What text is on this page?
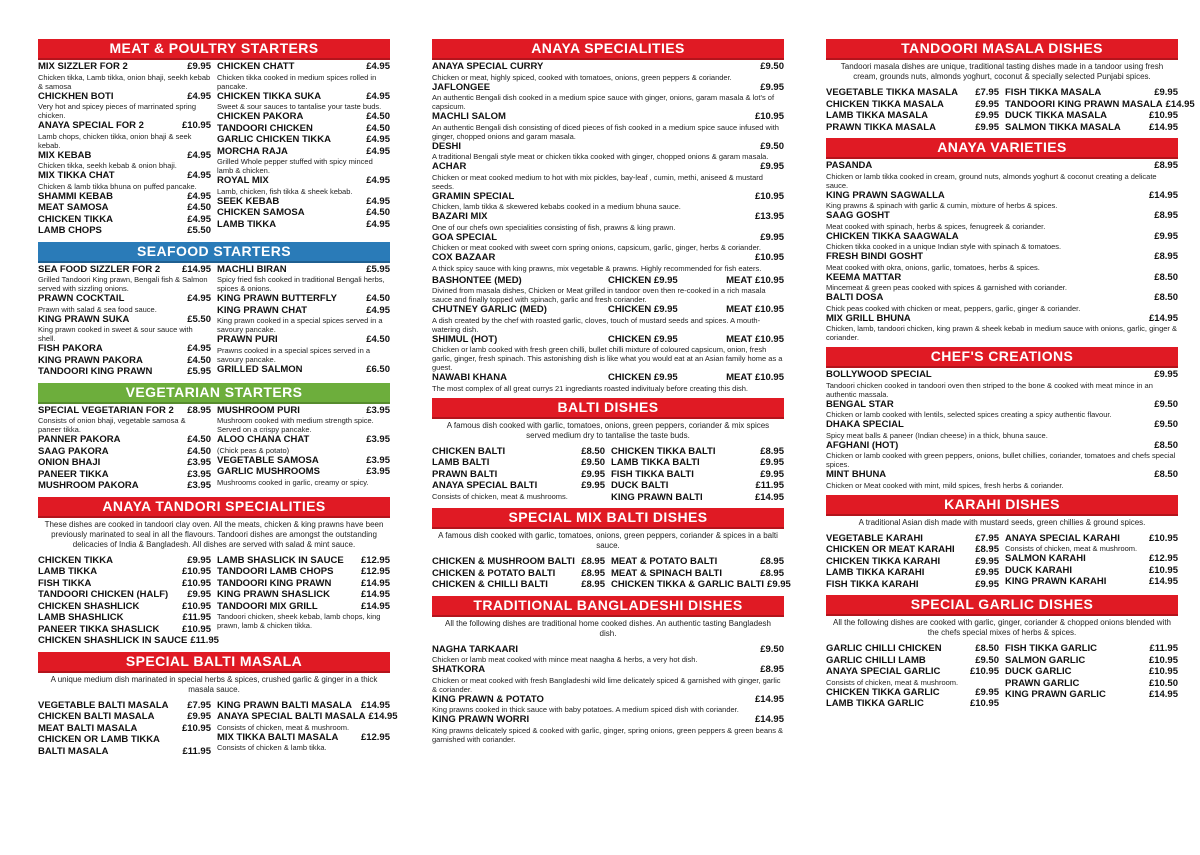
MEAT & POULTRY STARTERS
MIX SIZZLER FOR 2	£9.95
Chicken tikka, Lamb tikka, onion bhaji, seekh kebab & samosa
CHICKHEN BOTI	£4.95
Very hot and spicey pieces of marrinated spring chicken.
ANAYA SPECIAL FOR 2	£10.95
Lamb chops, chicken tikka, onion bhaji & seek kebab.
MIX KEBAB	£4.95
Chicken tikka, seekh kebab & onion bhaji.
MIX TIKKA CHAT	£4.95
Chicken & lamb tikka bhuna on puffed pancake.
SHAMMI KEBAB	£4.95
MEAT SAMOSA	£4.50
CHICKEN TIKKA	£4.95
LAMB CHOPS	£5.50
CHICKEN CHATT	£4.95
Chicken tikka cooked in medium spices rolled in pancake.
CHICKEN TIKKA SUKA	£4.95
Sweet & sour sauces to tantalise your taste buds.
CHICKEN PAKORA	£4.50
TANDOORI CHICKEN	£4.50
GARLIC CHICKEN TIKKA	£4.95
MORCHA RAJA	£4.95
Grilled Whole pepper stuffed with spicy minced lamb & chicken.
ROYAL MIX	£4.95
Lamb, chicken, fish tikka & sheek kebab.
SEEK KEBAB	£4.95
CHICKEN SAMOSA	£4.50
LAMB TIKKA	£4.95
SEAFOOD STARTERS
SEA FOOD SIZZLER FOR 2	£14.95
Grilled Tandoori King prawn, Bengali fish & Salmon served with sizzling onions.
PRAWN COCKTAIL	£4.95
Prawn with salad & sea food sauce.
KING PRAWN SUKA	£5.50
King prawn cooked in sweet & sour sauce with shell.
FISH PAKORA	£4.95
KING PRAWN PAKORA	£4.50
TANDOORI KING PRAWN	£5.95
MACHLI BIRAN	£5.95
Spicy fried fish cooked in traditional Bengali herbs, spices & onions.
KING PRAWN BUTTERFLY	£4.50
KING PRAWN CHAT	£4.95
King prawn cooked in a special spices served in a savoury pancake.
PRAWN PURI	£4.50
Prawns cooked in a special spices served in a savoury pancake.
GRILLED SALMON	£6.50
VEGETARIAN STARTERS
SPECIAL VEGETARIAN FOR 2	£8.95
Consists of onion bhaji, vegetable samosa & paneer tikka.
PANNER PAKORA	£4.50
SAAG PAKORA	£4.50
ONION BHAJI	£3.95
PANEER TIKKA	£3.95
MUSHROOM PAKORA	£3.95
MUSHROOM PURI	£3.95
Mushroom cooked with medium strength spice. Served on a crispy pancake.
ALOO CHANA CHAT	£3.95
(Chick peas & potato)
VEGETABLE SAMOSA	£3.95
GARLIC MUSHROOMS	£3.95
Mushrooms cooked in garlic, creamy or spicy.
ANAYA TANDORI SPECIALITIES
These dishes are cooked in tandoori clay oven. All the meats, chicken & king prawns have been previously marinated to seal in all the flavours. Tandoori dishes are amongst the outstanding delicacies of India & Bangladesh. All dishes are served with salad & mint sauce.
CHICKEN TIKKA	£9.95
LAMB TIKKA	£10.95
FISH TIKKA	£10.95
TANDOORI CHICKEN (HALF)	£9.95
CHICKEN SHASHLICK	£10.95
LAMB SHASHLICK	£11.95
PANEER TIKKA SHASLICK	£10.95
CHICKEN SHASHLICK IN SAUCE £11.95
LAMB SHASLICK IN SAUCE	£12.95
TANDOORI LAMB CHOPS	£12.95
TANDOORI KING PRAWN	£14.95
KING PRAWN SHASLICK	£14.95
TANDOORI MIX GRILL	£14.95
Tandoori chicken, sheek kebab, lamb chops, king prawn, lamb & chicken tikka.
SPECIAL BALTI MASALA
A unique medium dish marinated in special herbs & spices, crushed garlic & ginger in a thick masala sauce.
VEGETABLE BALTI MASALA	£7.95
CHICKEN BALTI MASALA	£9.95
MEAT BALTI MASALA	£10.95
CHICKEN OR LAMB TIKKA
BALTI MASALA	£11.95
KING PRAWN BALTI MASALA £14.95
ANAYA SPECIAL BALTI MASALA £14.95
Consists of chicken, meat & mushroom.
MIX TIKKA BALTI MASALA	£12.95
Consists of chicken & lamb tikka.
ANAYA SPECIALITIES
ANAYA SPECIAL CURRY	£9.50
Chicken or meat, highly spiced, cooked with tomatoes, onions, green peppers & coriander.
JAFLONGEE	£9.95
An authentic Bengali dish cooked in a medium spice sauce with ginger, onions, garam masala & lot's of capsicum.
MACHLI SALOM	£10.95
An authentic Bengali dish consisting of diced pieces of fish cooked in a medium spice sauce infused with ginger, chopped onions and garam masala.
DESHI	£9.50
A traditional Bengali style meat or chicken tikka cooked with ginger, chopped onions & garam masala.
ACHAR	£9.95
Chicken or meat cooked medium to hot with mix pickles, bay-leaf , cumin, methi, aniseed & mustard seeds.
GRAMIN SPECIAL	£10.95
Chicken, lamb tikka & skewered kebabs cooked in a medium bhuna sauce.
BAZARI MIX	£13.95
One of our chefs own specialities consisting of fish, prawns & king prawn.
GOA SPECIAL	£9.95
Chicken or meat cooked with sweet corn spring onions, capsicum, garlic, ginger, herbs & coriander.
COX BAZAAR	£10.95
A thick spicy sauce with king prawns, mix vegetable & prawns. Highly recommended for fish eaters.
BASHONTEE (MED)	CHICKEN £9.95	MEAT £10.95
Divined from masala dishes, Chicken or Meat grilled in tandoor oven then re-cooked in a rich masala sauce and finally topped with spinach, garlic and fresh coriander.
CHUTNEY GARLIC (MED)	CHICKEN £9.95	MEAT £10.95
A dish created by the chef with roasted garlic, cloves, touch of mustard seeds and spices. A mouth-watering dish.
SHIMUL (HOT)	CHICKEN £9.95	MEAT £10.95
Chicken or lamb cooked with fresh green chilli, bullet chilli mixture of coloured capsicum, onion, fresh garlic, ginger, fresh spinach. This astonishing dish is like what you would eat at an Asian family home as a guest.
NAWABI KHANA	CHICKEN £9.95	MEAT £10.95
The most complex of all great currys 21 ingrediants roasted indivitualy before creating this dish.
BALTI DISHES
A famous dish cooked with garlic, tomatoes, onions, green peppers, coriander & mix spices served medium dry to tantalise the taste buds.
CHICKEN BALTI	£8.50
LAMB BALTI	£9.50
PRAWN BALTI	£9.95
ANAYA SPECIAL BALTI	£9.95
Consists of chicken, meat & mushrooms.
CHICKEN TIKKA BALTI	£8.95
LAMB TIKKA BALTI	£9.95
FISH TIKKA BALTI	£9.95
DUCK BALTI	£11.95
KING PRAWN BALTI	£14.95
SPECIAL MIX BALTI DISHES
A famous dish cooked with garlic, tomatoes, onions, green peppers, coriander & spices in a balti sauce.
CHICKEN & MUSHROOM BALTI £8.95
CHICKEN & POTATO BALTI	£8.95
CHICKEN & CHILLI BALTI	£8.95
MEAT & POTATO BALTI	£8.95
MEAT & SPINACH BALTI	£8.95
CHICKEN TIKKA & GARLIC BALTI £9.95
TRADITIONAL BANGLADESHI DISHES
All the following dishes are traditional home cooked dishes. An authentic tasting Bangladesh dish.
NAGHA TARKAARI	£9.50
Chicken or lamb meat cooked with mince meat naagha & herbs, a very hot dish.
SHATKORA	£8.95
Chicken or meat cooked with fresh Bangladeshi wild lime delicately spiced & garnished with ginger, garlic & coriander.
KING PRAWN & POTATO	£14.95
King prawns cooked in thick sauce with baby potatoes. A medium spiced dish with coriander.
KING PRAWN WORRI	£14.95
King prawns delicately spiced & cooked with garlic, ginger, spring onions, green peppers & green beans & garnished with coriander.
TANDOORI MASALA DISHES
Tandoori masala dishes are unique, traditional tasting dishes made in a tandoor using fresh cream, grounds nuts, almonds yoghurt, coconut & specially selected Punjabi spices.
VEGETABLE TIKKA MASALA	£7.95
CHICKEN TIKKA MASALA	£9.95
LAMB TIKKA MASALA	£9.95
PRAWN TIKKA MASALA	£9.95
FISH TIKKA MASALA	£9.95
TANDOORI KING PRAWN MASALA £14.95
DUCK TIKKA MASALA	£10.95
SALMON TIKKA MASALA	£14.95
ANAYA VARIETIES
PASANDA	£8.95
Chicken or lamb tikka cooked in cream, ground nuts, almonds yoghurt & coconut creating a delicate sauce.
KING PRAWN SAGWALLA	£14.95
King prawns & spinach with garlic & cumin, mixture of herbs & spices.
SAAG GOSHT	£8.95
Meat cooked with spinach, herbs & spices, fenugreek & coriander.
CHICKEN TIKKA SAAGWALA	£9.95
Chicken tikka cooked in a unique Indian style with spinach & tomatoes.
FRESH BINDI GOSHT	£8.95
Meat cooked with okra, onions, garlic, tomatoes, herbs & spices.
KEEMA MATTAR	£8.50
Mincemeat & green peas cooked with spices & garnished with coriander.
BALTI DOSA	£8.50
Chick peas cooked with chicken or meat, peppers, garlic, ginger & coriander.
MIX GRILL BHUNA	£14.95
Chicken, lamb, tandoori chicken, king prawn & sheek kebab in medium sauce with onions, garlic, ginger & coriander.
CHEF'S CREATIONS
BOLLYWOOD SPECIAL	£9.95
Tandoori chicken cooked in tandoori oven then striped to the bone & cooked with meat mince in an authentic massala.
BENGAL STAR	£9.50
Chicken or lamb cooked with lentils, selected spices creating a spicy authentic flavour.
DHAKA SPECIAL	£9.50
Spicy meat balls & paneer (Indian cheese) in a thick, bhuna sauce.
AFGHANI (HOT)	£8.50
Chicken or lamb cooked with green peppers, onions, bullet chillies, coriander, tomatoes and chefs special spices.
MINT BHUNA	£8.50
Chicken or Meat cooked with mint, mild spices, fresh herbs & coriander.
KARAHI DISHES
A traditional Asian dish made with mustard seeds, green chillies & ground spices.
VEGETABLE KARAHI	£7.95
CHICKEN OR MEAT KARAHI	£8.95
CHICKEN TIKKA KARAHI	£9.95
LAMB TIKKA KARAHI	£9.95
FISH TIKKA KARAHI	£9.95
ANAYA SPECIAL KARAHI	£10.95
Consists of chicken, meat & mushroom.
SALMON KARAHI	£12.95
DUCK KARAHI	£10.95
KING PRAWN KARAHI	£14.95
SPECIAL GARLIC DISHES
All the following dishes are cooked with garlic, ginger, coriander & chopped onions blended with the chefs special mixes of herbs & spices.
GARLIC CHILLI CHICKEN	£8.50
GARLIC CHILLI LAMB	£9.50
ANAYA SPECIAL GARLIC	£10.95
Consists of chicken, meat & mushroom.
CHICKEN TIKKA GARLIC	£9.95
LAMB TIKKA GARLIC	£10.95
FISH TIKKA GARLIC	£11.95
SALMON GARLIC	£10.95
DUCK GARLIC	£10.95
PRAWN GARLIC	£10.50
KING PRAWN GARLIC	£14.95
